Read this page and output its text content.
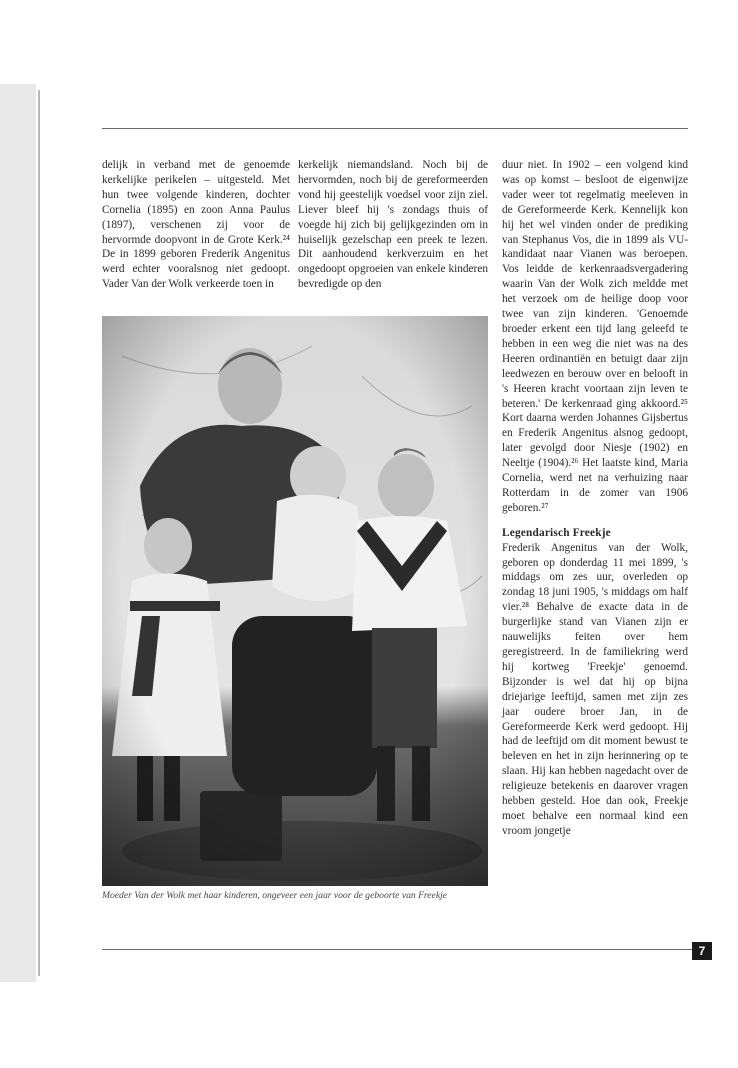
delijk in verband met de genoemde kerkelijke perikelen – uitgesteld. Met hun twee volgende kinderen, dochter Cornelia (1895) en zoon Anna Paulus (1897), verschenen zij voor de hervormde doopvont in de Grote Kerk.²⁴ De in 1899 geboren Frederik Angenitus werd echter vooralsnog niet gedoopt. Vader Van der Wolk verkeerde toen in

kerkelijk niemandsland. Noch bij de hervormden, noch bij de gereformeerden vond hij geestelijk voedsel voor zijn ziel. Liever bleef hij 's zondags thuis of voegde hij zich bij gelijkgezinden om in huiselijk gezelschap een preek te lezen. Dit aanhoudend kerkverzuim en het ongedoopt opgroeien van enkele kinderen bevredigde op den

duur niet. In 1902 – een volgend kind was op komst – besloot de eigenwijze vader weer tot regelmatig meeleven in de Gereformeerde Kerk. Kennelijk kon hij het wel vinden onder de prediking van Stephanus Vos, die in 1899 als VU-kandidaat naar Vianen was beroepen. Vos leidde de kerkenraadsvergadering waarin Van der Wolk zich meldde met het verzoek om de heilige doop voor twee van zijn kinderen. 'Genoemde broeder erkent een tijd lang geleefd te hebben in een weg die niet was na des Heeren ordinantiën en betuigt daar zijn leedwezen en berouw over en belooft in 's Heeren kracht voortaan zijn leven te beteren.' De kerkenraad ging akkoord.²⁵ Kort daarna werden Johannes Gijsbertus en Frederik Angenitus alsnog gedoopt, later gevolgd door Niesje (1902) en Neeltje (1904).²⁶ Het laatste kind, Maria Cornelia, werd net na verhuizing naar Rotterdam in de zomer van 1906 geboren.²⁷

Legendarisch Freekje

Frederik Angenitus van der Wolk, geboren op donderdag 11 mei 1899, 's middags om zes uur, overleden op zondag 18 juni 1905, 's middags om half vier.²⁸ Behalve de exacte data in de burgerlijke stand van Vianen zijn er nauwelijks feiten over hem geregistreerd. In de familiekring werd hij kortweg 'Freekje' genoemd. Bijzonder is wel dat hij op bijna driejarige leeftijd, samen met zijn zes jaar oudere broer Jan, in de Gereformeerde Kerk werd gedoopt. Hij had de leeftijd om dit moment bewust te beleven en het in zijn herinnering op te slaan. Hij kan hebben nagedacht over de religieuze betekenis en daarover vragen hebben gesteld. Hoe dan ook, Freekje moet behalve een normaal kind een vroom jongetje

Moeder Van der Wolk met haar kinderen, ongeveer een jaar voor de geboorte van Freekje
7
